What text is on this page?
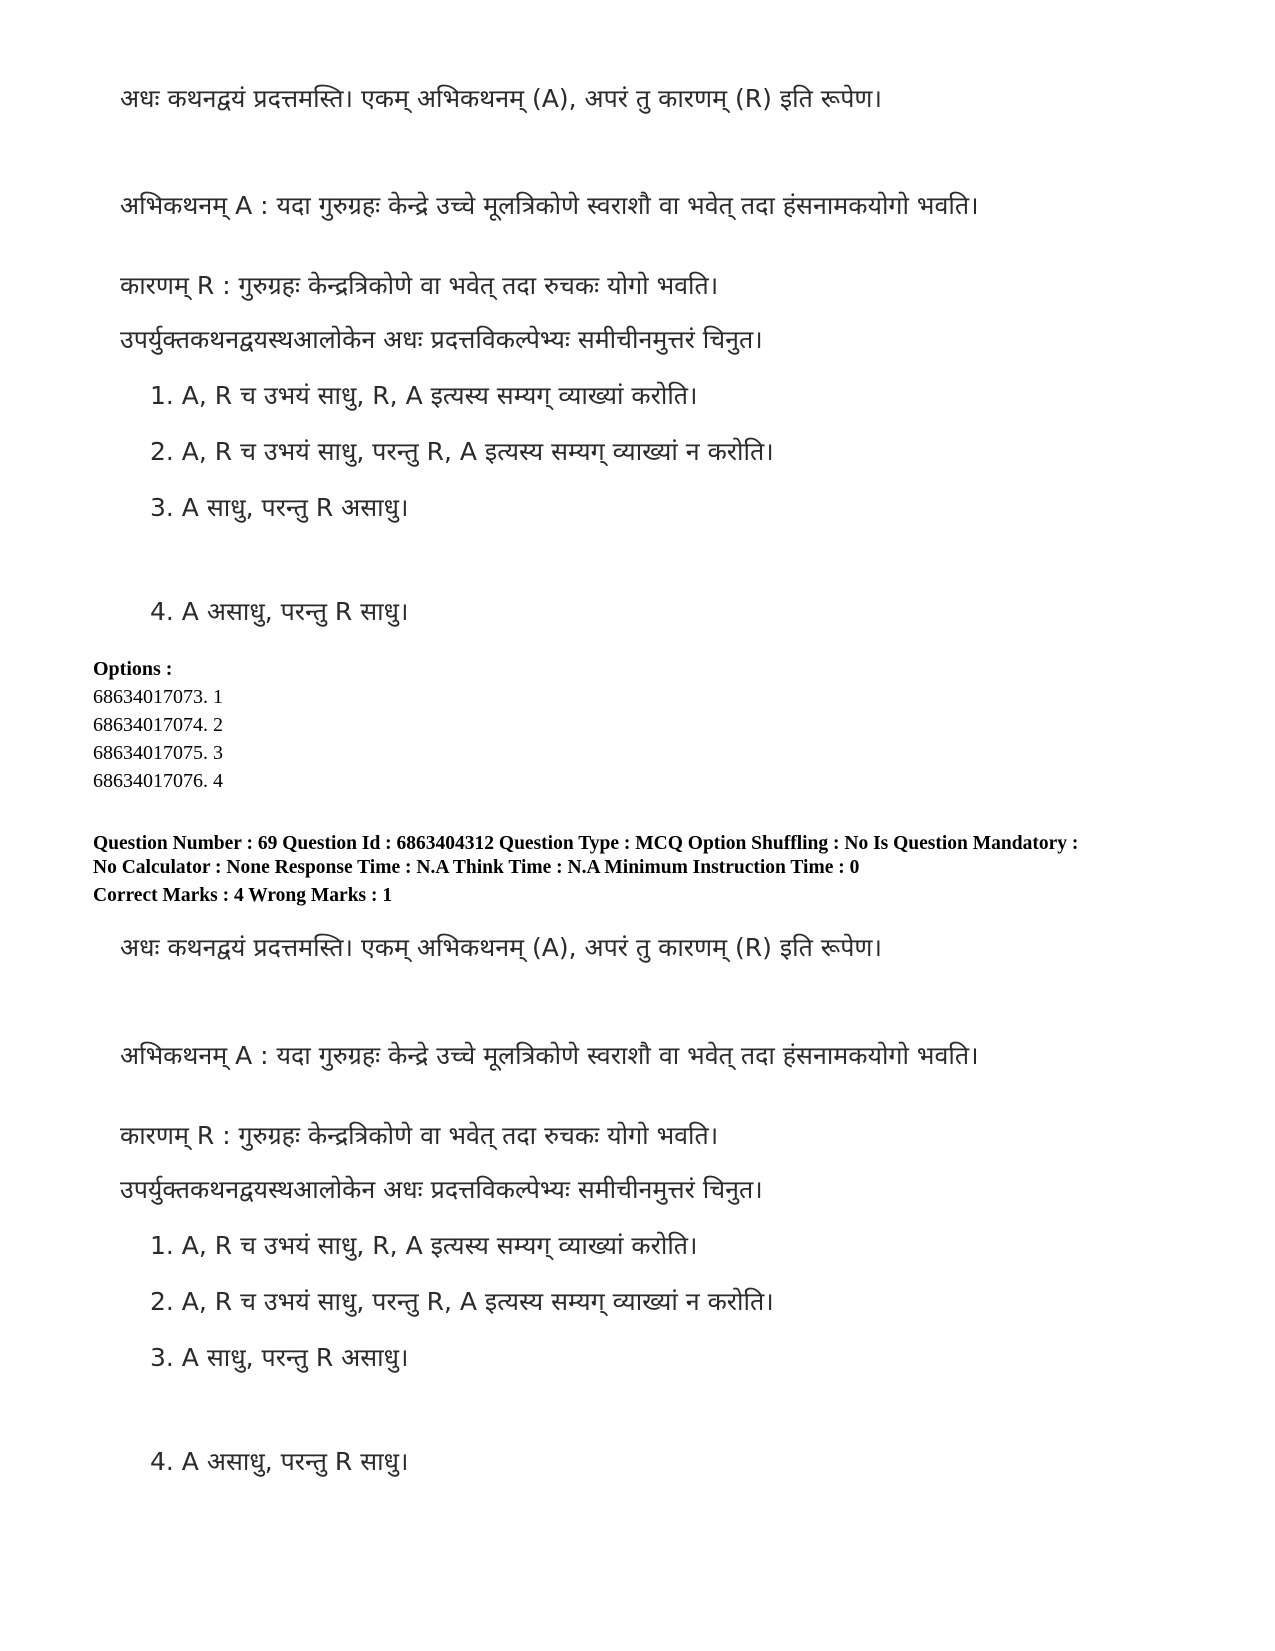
अधः कथनद्वयं प्रदत्तमस्ति। एकम् अभिकथनम् (A), अपरं तु कारणम् (R) इति रूपेण।
अभिकथनम् A : यदा गुरुग्रहः केन्द्रे उच्चे मूलत्रिकोणे स्वराशौ वा भवेत् तदा हंसनामकयोगो भवति।
कारणम् R : गुरुग्रहः केन्द्रत्रिकोणे वा भवेत् तदा रुचकः योगो भवति।
उपर्युक्तकथनद्वयस्थआलोकेन अधः प्रदत्तविकल्पेभ्यः समीचीनमुत्तरं चिनुत।
1. A, R च उभयं साधु, R, A इत्यस्य सम्यग् व्याख्यां करोति।
2. A, R च उभयं साधु, परन्तु R, A इत्यस्य सम्यग् व्याख्यां न करोति।
3. A साधु, परन्तु R असाधु।
4. A असाधु, परन्तु R साधु।
Options :
68634017073. 1
68634017074. 2
68634017075. 3
68634017076. 4
Question Number : 69 Question Id : 6863404312 Question Type : MCQ Option Shuffling : No Is Question Mandatory :
No Calculator : None Response Time : N.A Think Time : N.A Minimum Instruction Time : 0
Correct Marks : 4 Wrong Marks : 1
अधः कथनद्वयं प्रदत्तमस्ति। एकम् अभिकथनम् (A), अपरं तु कारणम् (R) इति रूपेण।
अभिकथनम् A : यदा गुरुग्रहः केन्द्रे उच्चे मूलत्रिकोणे स्वराशौ वा भवेत् तदा हंसनामकयोगो भवति।
कारणम् R : गुरुग्रहः केन्द्रत्रिकोणे वा भवेत् तदा रुचकः योगो भवति।
उपर्युक्तकथनद्वयस्थआलोकेन अधः प्रदत्तविकल्पेभ्यः समीचीनमुत्तरं चिनुत।
1. A, R च उभयं साधु, R, A इत्यस्य सम्यग् व्याख्यां करोति।
2. A, R च उभयं साधु, परन्तु R, A इत्यस्य सम्यग् व्याख्यां न करोति।
3. A साधु, परन्तु R असाधु।
4. A असाधु, परन्तु R साधु।
